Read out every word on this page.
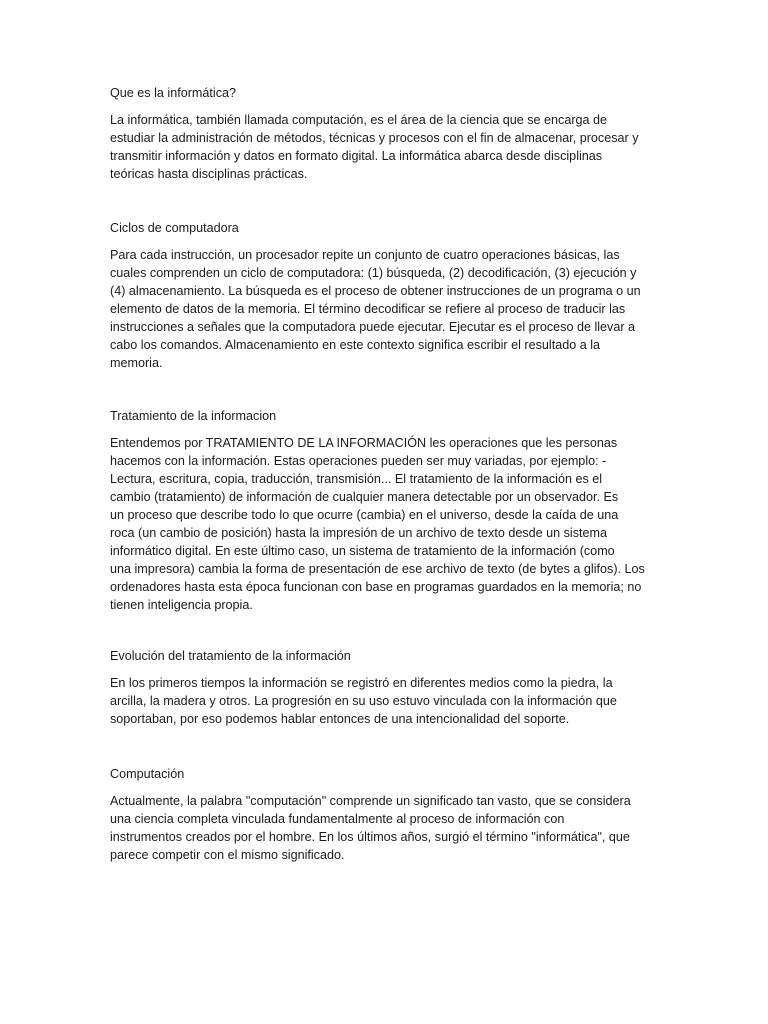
Que es la informática?

La informática, también llamada computación, es el área de la ciencia que se encarga de
estudiar la administración de métodos, técnicas y procesos con el fin de almacenar, procesar y
transmitir información y datos en formato digital. La informática abarca desde disciplinas
teóricas hasta disciplinas prácticas.

Ciclos de computadora

Para cada instrucción, un procesador repite un conjunto de cuatro operaciones básicas, las
cuales comprenden un ciclo de computadora: (1) búsqueda, (2) decodificación, (3) ejecución y
(4) almacenamiento. La búsqueda es el proceso de obtener instrucciones de un programa o un
elemento de datos de la memoria. El término decodificar se refiere al proceso de traducir las
instrucciones a señales que la computadora puede ejecutar. Ejecutar es el proceso de llevar a
cabo los comandos. Almacenamiento en este contexto significa escribir el resultado a la
memoria.

Tratamiento de la informacion

Entendemos por TRATAMIENTO DE LA INFORMACIÓN les operaciones que les personas
hacemos con la información. Estas operaciones pueden ser muy variadas, por ejemplo: -
Lectura, escritura, copia, traducción, transmisión... El tratamiento de la información es el
cambio (tratamiento) de información de cualquier manera detectable por un observador. Es
un proceso que describe todo lo que ocurre (cambia) en el universo, desde la caída de una
roca (un cambio de posición) hasta la impresión de un archivo de texto desde un sistema
informático digital. En este último caso, un sistema de tratamiento de la información (como
una impresora) cambia la forma de presentación de ese archivo de texto (de bytes a glifos). Los
ordenadores hasta esta época funcionan con base en programas guardados en la memoria; no
tienen inteligencia propia.

Evolución del tratamiento de la información

En los primeros tiempos la información se registró en diferentes medios como la piedra, la
arcilla, la madera y otros. La progresión en su uso estuvo vinculada con la información que
soportaban, por eso podemos hablar entonces de una intencionalidad del soporte.

Computación

Actualmente, la palabra "computación" comprende un significado tan vasto, que se considera
una ciencia completa vinculada fundamentalmente al proceso de información con
instrumentos creados por el hombre. En los últimos años, surgió el término "informática", que
parece competir con el mismo significado.
